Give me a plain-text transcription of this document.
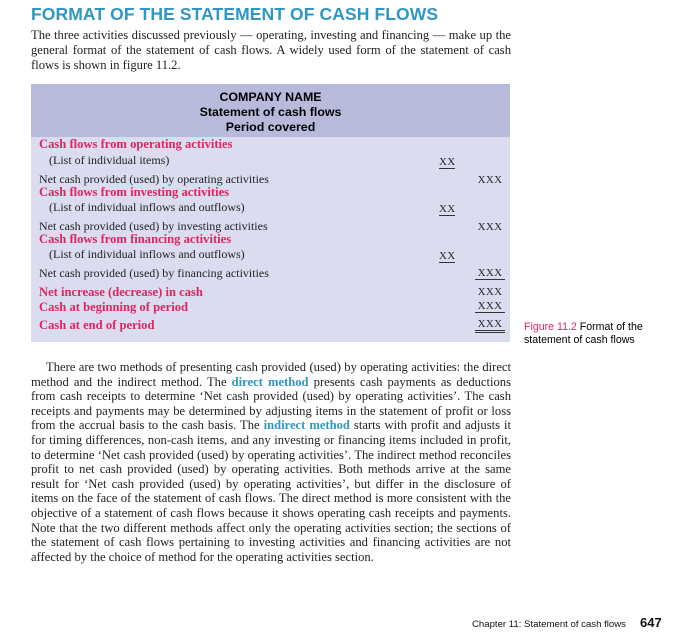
FORMAT OF THE STATEMENT OF CASH FLOWS

The three activities discussed previously — operating, investing and financing — make up the general format of the statement of cash flows. A widely used form of the statement of cash flows is shown in figure 11.2.

COMPANY NAME
Statement of cash flows
Period covered
Cash flows from operating activities
(List of individual items)	XX
Net cash provided (used) by operating activities	XXX
Cash flows from investing activities
(List of individual inflows and outflows)	XX
Net cash provided (used) by investing activities	XXX
Cash flows from financing activities
(List of individual inflows and outflows)	XX
Net cash provided (used) by financing activities	XXX
Net increase (decrease) in cash	XXX
Cash at beginning of period	XXX
Cash at end of period	XXX Figure 11.2 Format of the statement of cash flows

There are two methods of presenting cash provided (used) by operating activities: the direct method and the indirect method. The direct method presents cash payments as deductions from cash receipts to determine ‘Net cash provided (used) by operating activities’. The cash receipts and payments may be determined by adjusting items in the statement of profit or loss from the accrual basis to the cash basis. The indirect method starts with profit and adjusts it for timing differences, non-cash items, and any investing or financing items included in profit, to determine ‘Net cash provided (used) by operating activities’. The indirect method reconciles profit to net cash provided (used) by operating activities. Both methods arrive at the same result for ‘Net cash provided (used) by operating activities’, but differ in the disclosure of items on the face of the statement of cash flows. The direct method is more consistent with the objective of a statement of cash flows because it shows operating cash receipts and payments. Note that the two different methods affect only the operating activities section; the sections of the statement of cash flows pertaining to investing activities and financing activities are not affected by the choice of method for the operating activities section.

Chapter 11: Statement of cash flows 647
